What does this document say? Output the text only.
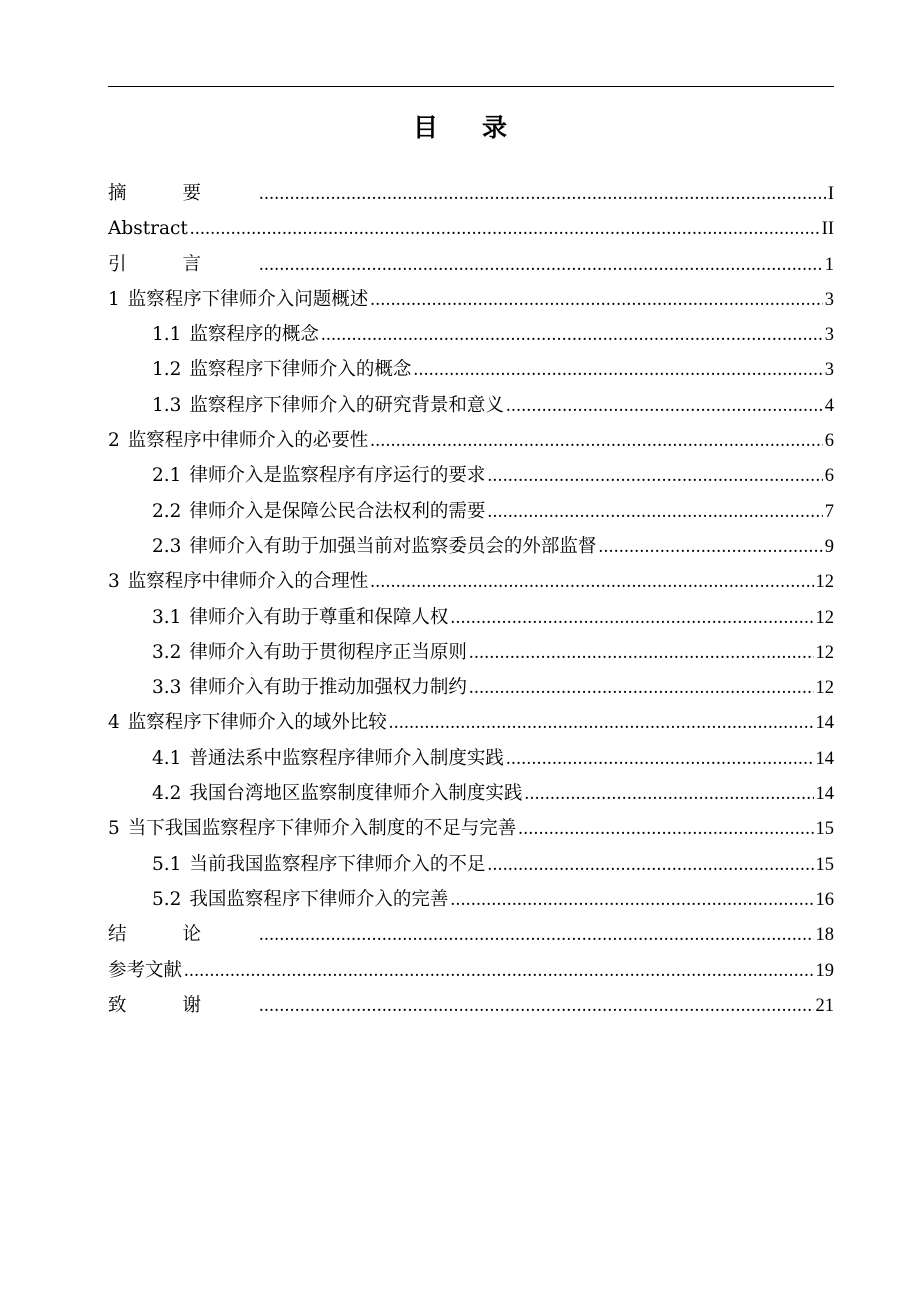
目录
摘要 .....	I
Abstract .....	II
引言 .....	1
1 监察程序下律师介入问题概述 .....	3
1.1 监察程序的概念 .....	3
1.2 监察程序下律师介入的概念 .....	3
1.3 监察程序下律师介入的研究背景和意义 .....	4
2 监察程序中律师介入的必要性 .....	6
2.1 律师介入是监察程序有序运行的要求 .....	6
2.2 律师介入是保障公民合法权利的需要 .....	7
2.3 律师介入有助于加强当前对监察委员会的外部监督 .....	9
3 监察程序中律师介入的合理性 .....	12
3.1 律师介入有助于尊重和保障人权 .....	12
3.2 律师介入有助于贯彻程序正当原则 .....	12
3.3 律师介入有助于推动加强权力制约 .....	12
4 监察程序下律师介入的域外比较 .....	14
4.1 普通法系中监察程序律师介入制度实践 .....	14
4.2 我国台湾地区监察制度律师介入制度实践 .....	14
5 当下我国监察程序下律师介入制度的不足与完善 .....	15
5.1 当前我国监察程序下律师介入的不足 .....	15
5.2 我国监察程序下律师介入的完善 .....	16
结论 .....	18
参考文献 .....	19
致谢 .....	21
